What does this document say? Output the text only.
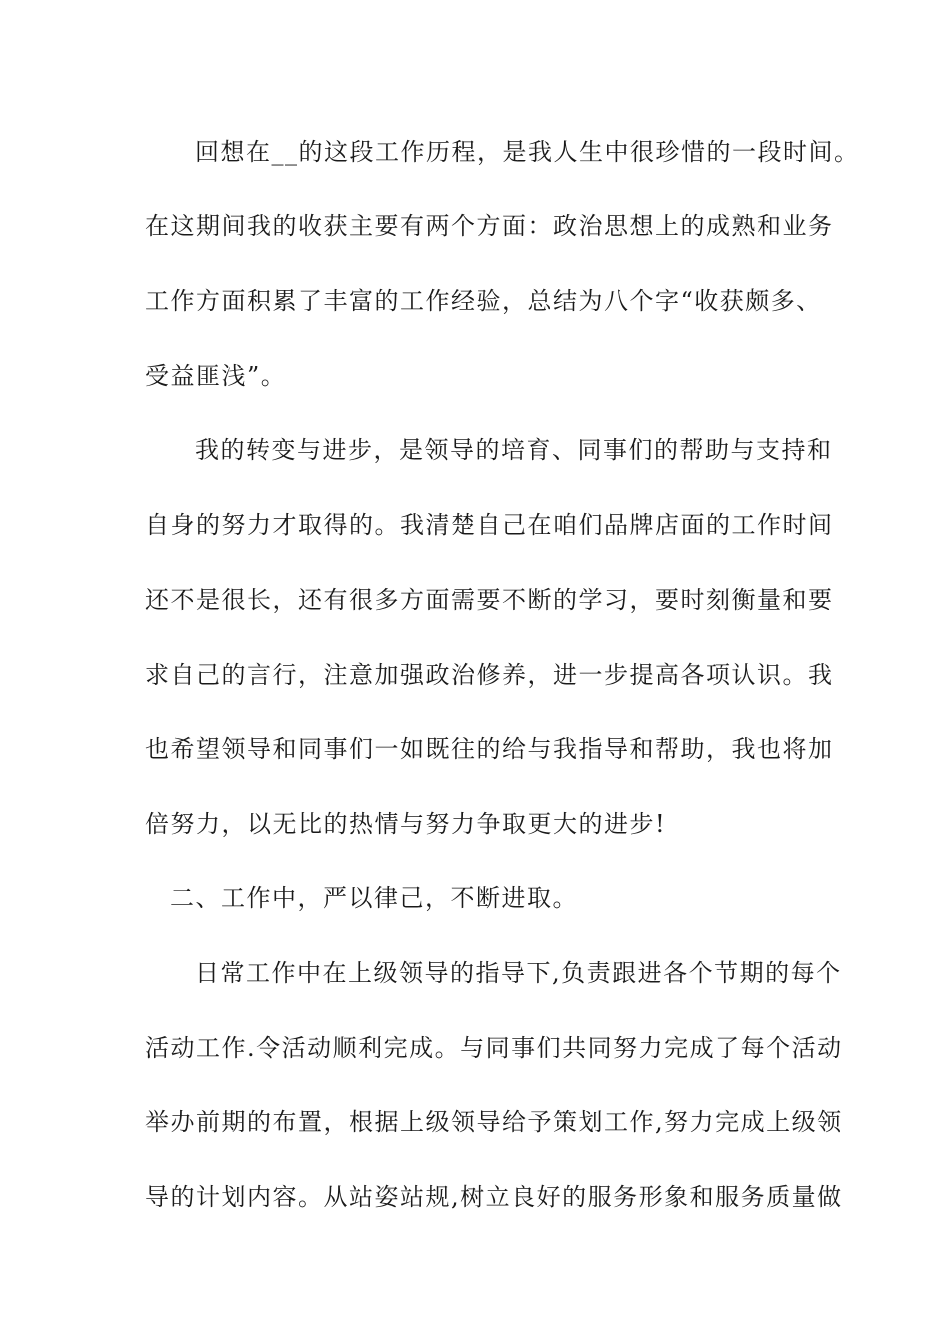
回想在__的这段工作历程，是我人生中很珍惜的一段时间。
在这期间我的收获主要有两个方面：政治思想上的成熟和业务
工作方面积累了丰富的工作经验，总结为八个字“收获颇多、
受益匪浅”。
我的转变与进步，是领导的培育、同事们的帮助与支持和
自身的努力才取得的。我清楚自己在咱们品牌店面的工作时间
还不是很长，还有很多方面需要不断的学习，要时刻衡量和要
求自己的言行，注意加强政治修养，进一步提高各项认识。我
也希望领导和同事们一如既往的给与我指导和帮助，我也将加
倍努力，以无比的热情与努力争取更大的进步!
二、工作中，严以律己，不断进取。
日常工作中在上级领导的指导下,负责跟进各个节期的每个
活动工作.令活动顺利完成。与同事们共同努力完成了每个活动
举办前期的布置，根据上级领导给予策划工作,努力完成上级领
导的计划内容。从站姿站规,树立良好的服务形象和服务质量做
